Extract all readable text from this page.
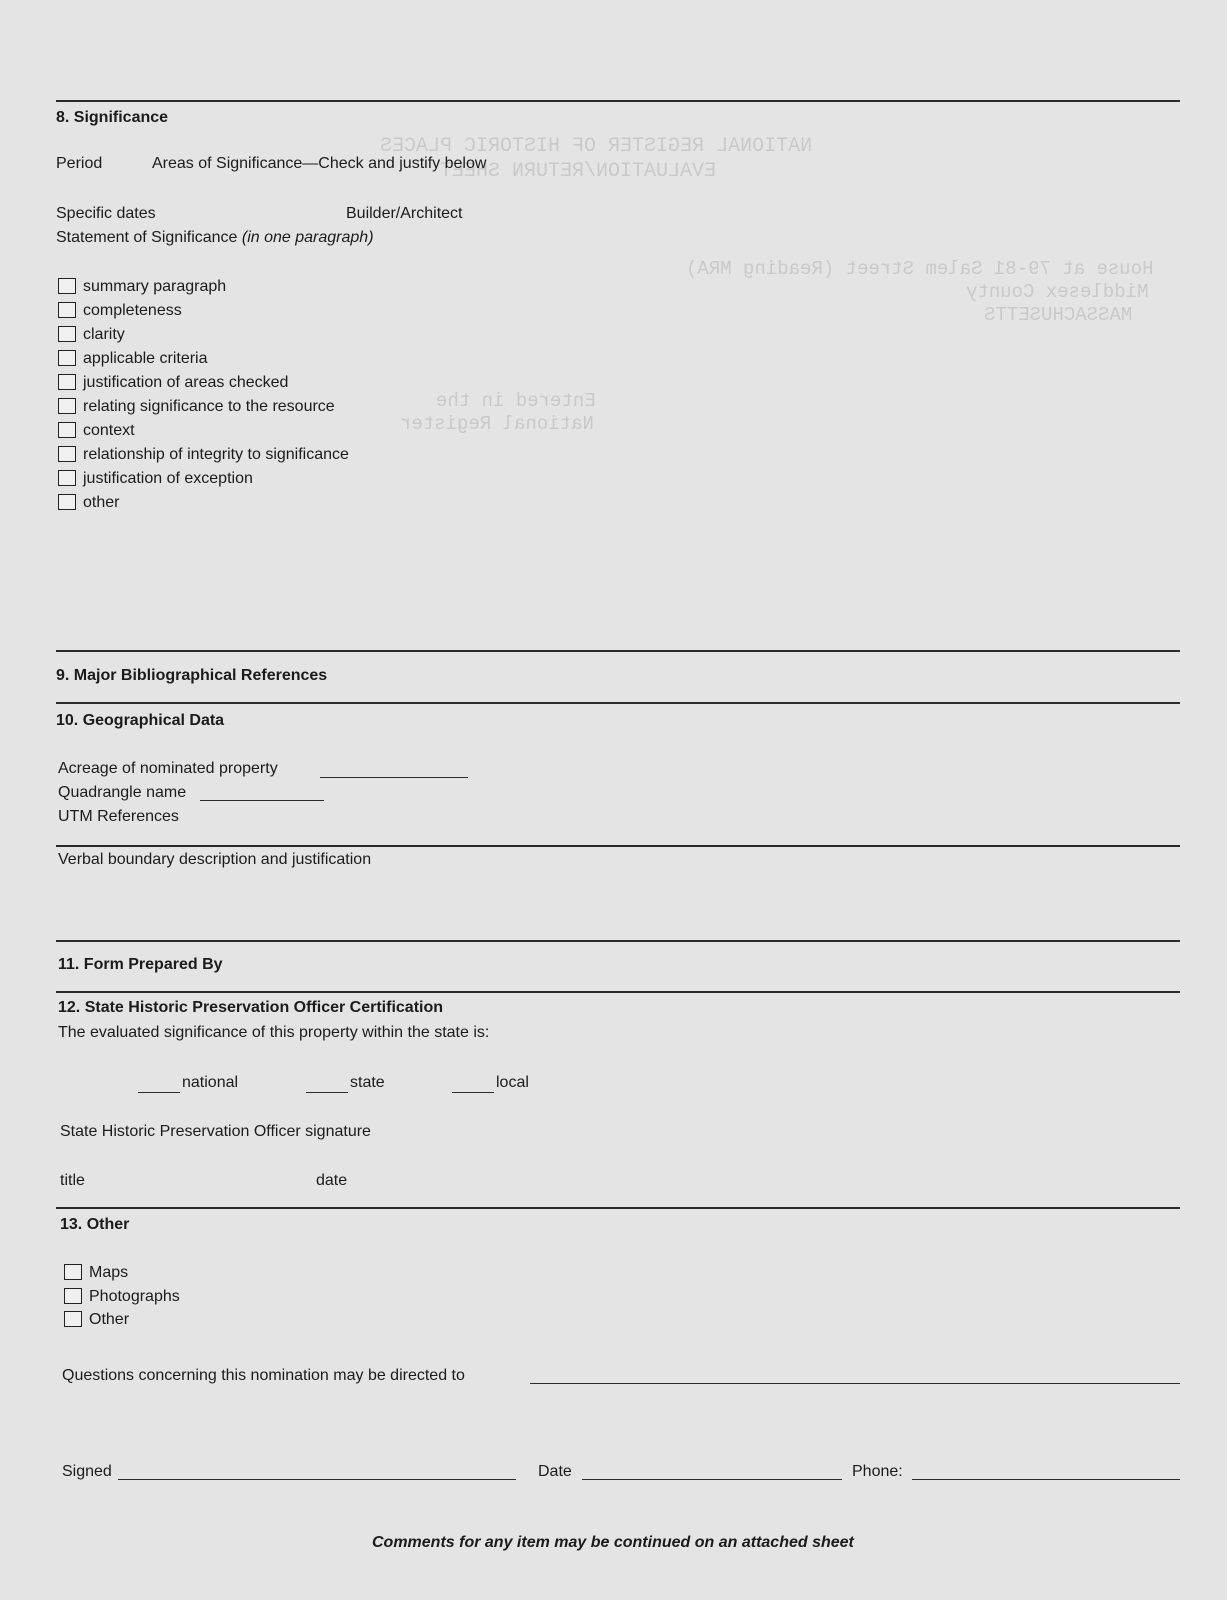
NATIONAL REGISTER OF HISTORIC PLACES
EVALUATION/RETURN SHEET
House at 79-81 Salem Street (Reading MRA)
Middlesex County
MASSACHUSETTS
Entered in the
National Register
8. Significance
Period	Areas of Significance—Check and justify below
Specific dates	Builder/Architect
Statement of Significance (in one paragraph)
summary paragraph
completeness
clarity
applicable criteria
justification of areas checked
relating significance to the resource
context
relationship of integrity to significance
justification of exception
other
9. Major Bibliographical References
10. Geographical Data
Acreage of nominated property
Quadrangle name
UTM References
Verbal boundary description and justification
11. Form Prepared By
12. State Historic Preservation Officer Certification
The evaluated significance of this property within the state is:
national	state	local
State Historic Preservation Officer signature
title	date
13. Other
Maps
Photographs
Other
Questions concerning this nomination may be directed to
Signed	Date	Phone:
Comments for any item may be continued on an attached sheet
